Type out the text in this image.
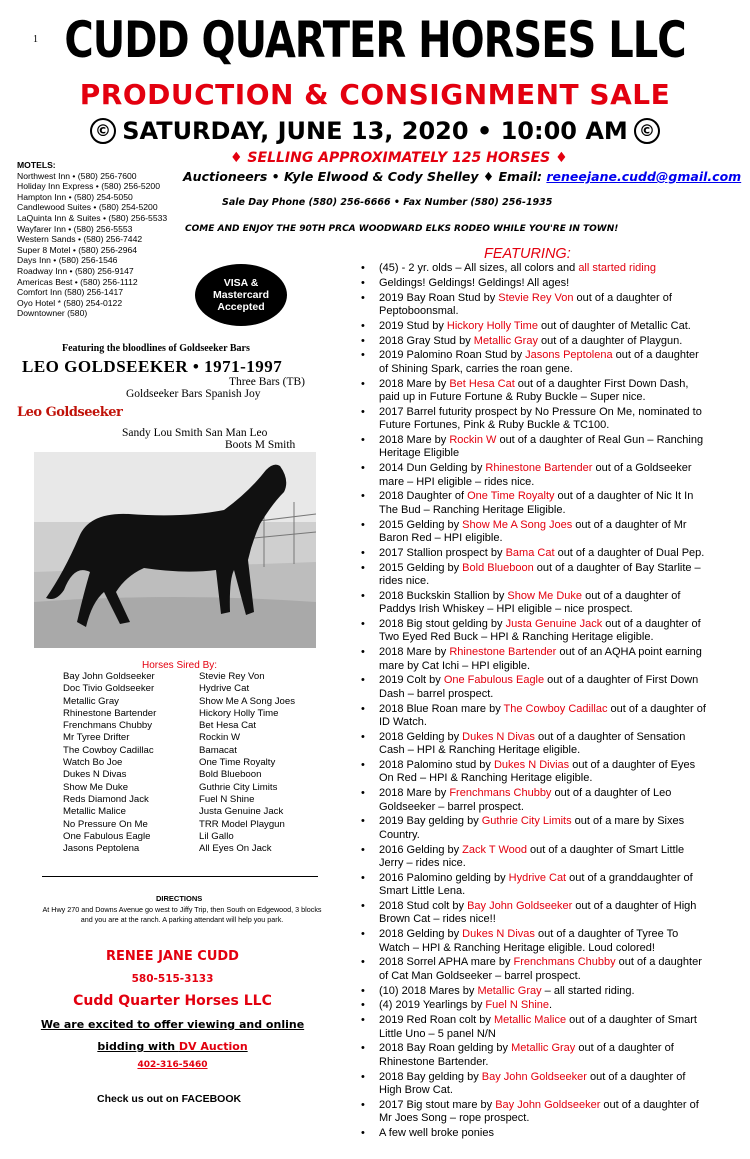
1 CUDD QUARTER HORSES LLC
PRODUCTION & CONSIGNMENT SALE
© SATURDAY, JUNE 13, 2020 • 10:00 AM ©
♦ SELLING APPROXIMATELY 125 HORSES ♦
Auctioneers • Kyle Elwood & Cody Shelley ♦ Email: reneejane.cudd@gmail.com
Sale Day Phone (580) 256-6666 • Fax Number (580) 256-1935
COME AND ENJOY THE 90TH PRCA WOODWARD ELKS RODEO WHILE YOU'RE IN TOWN!
MOTELS:
Northwest Inn • (580) 256-7600
Holiday Inn Express • (580) 256-5200
Hampton Inn • (580) 254-5050
Candlewood Suites • (580) 254-5200
LaQuinta Inn & Suites • (580) 256-5533
Wayfarer Inn • (580) 256-5553
Western Sands • (580) 256-7442
Super 8 Motel • (580) 256-2964
Days Inn • (580) 256-1546
Roadway Inn • (580) 256-9147
Americas Best • (580) 256-1112
Comfort Inn (580) 256-1417
Oyo Hotel * (580) 254-0122
Downtowner (580)
VISA &
Mastercard
Accepted
Featuring the bloodlines of Goldseeker Bars
LEO GOLDSEEKER • 1971-1997
Three Bars (TB)
Goldseeker Bars Spanish Joy
Leo Goldseeker
Sandy Lou Smith San Man Leo
Boots M Smith
Horses Sired By:
Bay John Goldseeker
Doc Tivio Goldseeker
Metallic Gray
Rhinestone Bartender
Frenchmans Chubby
Mr Tyree Drifter
The Cowboy Cadillac
Watch Bo Joe
Dukes N Divas
Show Me Duke
Reds Diamond Jack
Metallic Malice
No Pressure On Me
One Fabulous Eagle
Jasons Peptolena
Stevie Rey Von
Hydrive Cat
Show Me A Song Joes
Hickory Holly Time
Bet Hesa Cat
Rockin W
Bamacat
One Time Royalty
Bold Blueboon
Guthrie City Limits
Fuel N Shine
Justa Genuine Jack
TRR Model Playgun
Lil Gallo
All Eyes On Jack
DIRECTIONS
At Hwy 270 and Downs Avenue go west to Jiffy Trip, then South on Edgewood, 3 blocks and you are at the ranch. A parking attendant will help you park.
RENEE JANE CUDD
580-515-3133
Cudd Quarter Horses LLC
We are excited to offer viewing and online
bidding with DV Auction
402-316-5460
Check us out on FACEBOOK
FEATURING:
• (45) - 2 yr. olds – All sizes, all colors and all started riding
• Geldings! Geldings! Geldings! All ages!
• 2019 Bay Roan Stud by Stevie Rey Von out of a daughter of Peptoboonsmal.
• 2019 Stud by Hickory Holly Time out of daughter of Metallic Cat.
• 2018 Gray Stud by Metallic Gray out of a daughter of Playgun.
• 2019 Palomino Roan Stud by Jasons Peptolena out of a daughter of Shining Spark, carries the roan gene.
• 2018 Mare by Bet Hesa Cat out of a daughter First Down Dash, paid up in Future Fortune & Ruby Buckle – Super nice.
• 2017 Barrel futurity prospect by No Pressure On Me, nominated to Future Fortunes, Pink & Ruby Buckle & TC100.
• 2018 Mare by Rockin W out of a daughter of Real Gun – Ranching Heritage Eligible
• 2014 Dun Gelding by Rhinestone Bartender out of a Goldseeker mare – HPI eligible – rides nice.
• 2018 Daughter of One Time Royalty out of a daughter of Nic It In The Bud – Ranching Heritage Eligible.
• 2015 Gelding by Show Me A Song Joes out of a daughter of Mr Baron Red – HPI eligible.
• 2017 Stallion prospect by Bama Cat out of a daughter of Dual Pep.
• 2015 Gelding by Bold Blueboon out of a daughter of Bay Starlite – rides nice.
• 2018 Buckskin Stallion by Show Me Duke out of a daughter of Paddys Irish Whiskey – HPI eligible – nice prospect.
• 2018 Big stout gelding by Justa Genuine Jack out of a daughter of Two Eyed Red Buck – HPI & Ranching Heritage eligible.
• 2018 Mare by Rhinestone Bartender out of an AQHA point earning mare by Cat Ichi – HPI eligible.
• 2019 Colt by One Fabulous Eagle out of a daughter of First Down Dash – barrel prospect.
• 2018 Blue Roan mare by The Cowboy Cadillac out of a daughter of ID Watch.
• 2018 Gelding by Dukes N Divas out of a daughter of Sensation Cash – HPI & Ranching Heritage eligible.
• 2018 Palomino stud by Dukes N Divias out of a daughter of Eyes On Red – HPI & Ranching Heritage eligible.
• 2018 Mare by Frenchmans Chubby out of a daughter of Leo Goldseeker – barrel prospect.
• 2019 Bay gelding by Guthrie City Limits out of a mare by Sixes Country.
• 2016 Gelding by Zack T Wood out of a daughter of Smart Little Jerry – rides nice.
• 2016 Palomino gelding by Hydrive Cat out of a granddaughter of Smart Little Lena.
• 2018 Stud colt by Bay John Goldseeker out of a daughter of High Brown Cat – rides nice!!
• 2018 Gelding by Dukes N Divas out of a daughter of Tyree To Watch – HPI & Ranching Heritage eligible. Loud colored!
• 2018 Sorrel APHA mare by Frenchmans Chubby out of a daughter of Cat Man Goldseeker – barrel prospect.
• (10) 2018 Mares by Metallic Gray – all started riding.
• (4) 2019 Yearlings by Fuel N Shine.
• 2019 Red Roan colt by Metallic Malice out of a daughter of Smart Little Uno – 5 panel N/N
• 2018 Bay Roan gelding by Metallic Gray out of a daughter of Rhinestone Bartender.
• 2018 Bay gelding by Bay John Goldseeker out of a daughter of High Brow Cat.
• 2017 Big stout mare by Bay John Goldseeker out of a daughter of Mr Joes Song – rope prospect.
• A few well broke ponies
